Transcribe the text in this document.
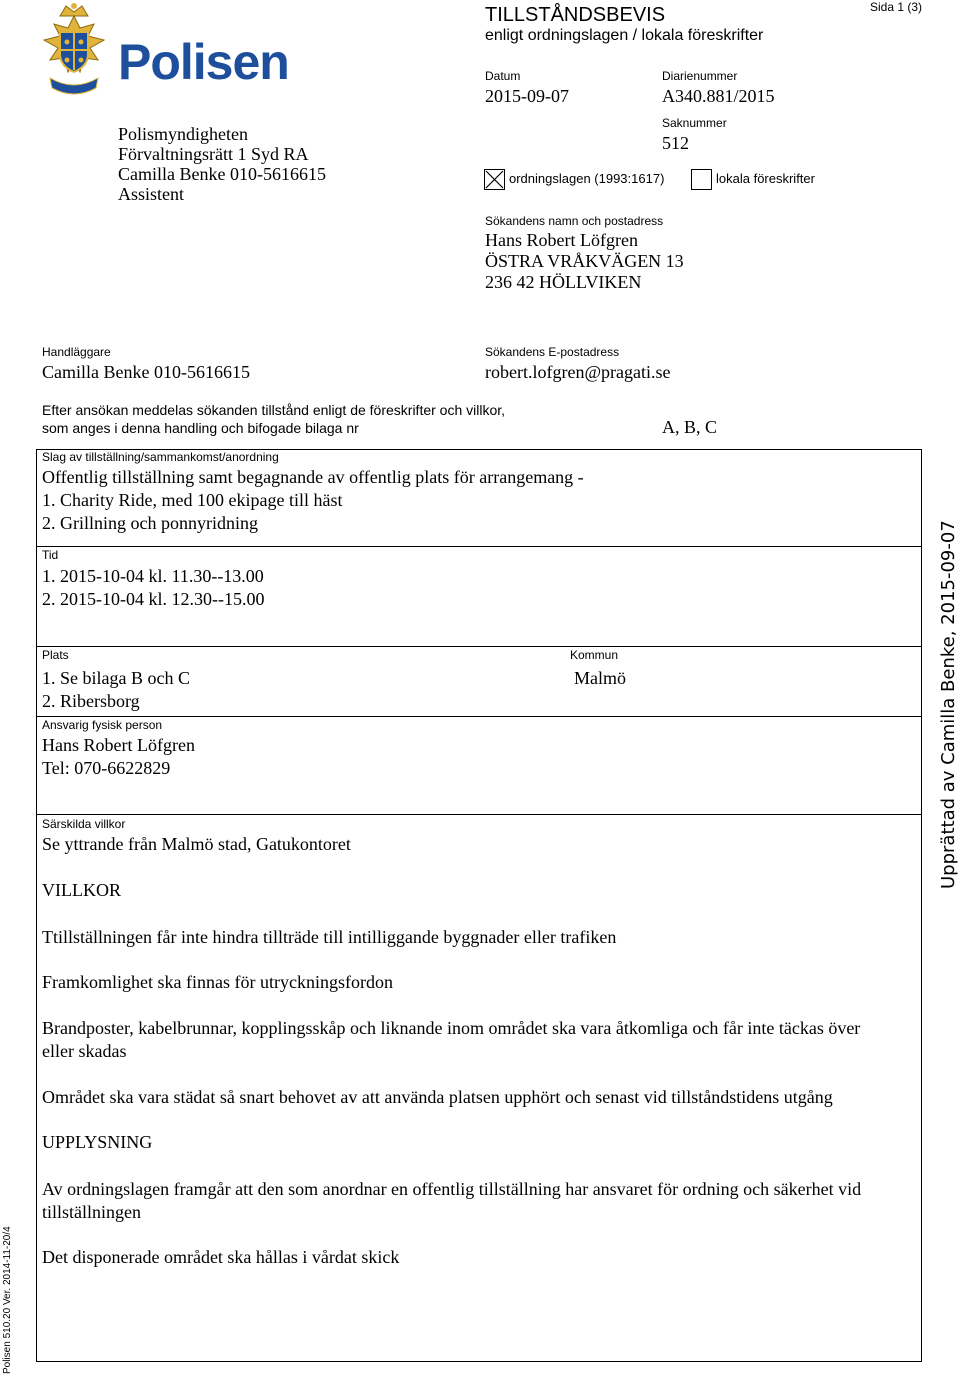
Polisen
TILLSTÅNDSBEVIS
enligt ordningslagen / lokala föreskrifter
Sida 1 (3)
Polismyndigheten
Förvaltningsrätt 1 Syd RA
Camilla Benke 010-5616615
Assistent
Datum
2015-09-07
Diarienummer
A340.881/2015
Saknummer
512
ordningslagen (1993:1617)	lokala föreskrifter
Sökandens namn och postadress
Hans Robert Löfgren
ÖSTRA VRÅKVÄGEN 13
236 42 HÖLLVIKEN
Handläggare
Camilla Benke 010-5616615
Sökandens E-postadress
robert.lofgren@pragati.se
Efter ansökan meddelas sökanden tillstånd enligt de föreskrifter och villkor,
som anges i denna handling och bifogade bilaga nr	A, B, C
Slag av tillställning/sammankomst/anordning
Offentlig tillställning samt begagnande av offentlig plats för arrangemang -
1. Charity Ride, med 100 ekipage till häst
2. Grillning och ponnyridning
Tid
1. 2015-10-04 kl. 11.30--13.00
2. 2015-10-04 kl. 12.30--15.00
Plats
1. Se bilaga B och C
2. Ribersborg
Kommun
Malmö
Ansvarig fysisk person
Hans Robert Löfgren
Tel: 070-6622829
Särskilda villkor
Se yttrande från Malmö stad, Gatukontoret
VILLKOR
Ttillställningen får inte hindra tillträde till intilliggande byggnader eller trafiken
Framkomlighet ska finnas för utryckningsfordon
Brandposter, kabelbrunnar, kopplingsskåp och liknande inom området ska vara åtkomliga och får inte täckas över
eller skadas
Området ska vara städat så snart behovet av att använda platsen upphört och senast vid tillståndstidens utgång
UPPLYSNING
Av ordningslagen framgår att den som anordnar en offentlig tillställning har ansvaret för ordning och säkerhet vid
tillställningen
Det disponerade området ska hållas i vårdat skick
Upprättad av Camilla Benke, 2015-09-07
Polisen 510.20 Ver. 2014-11-20/4
